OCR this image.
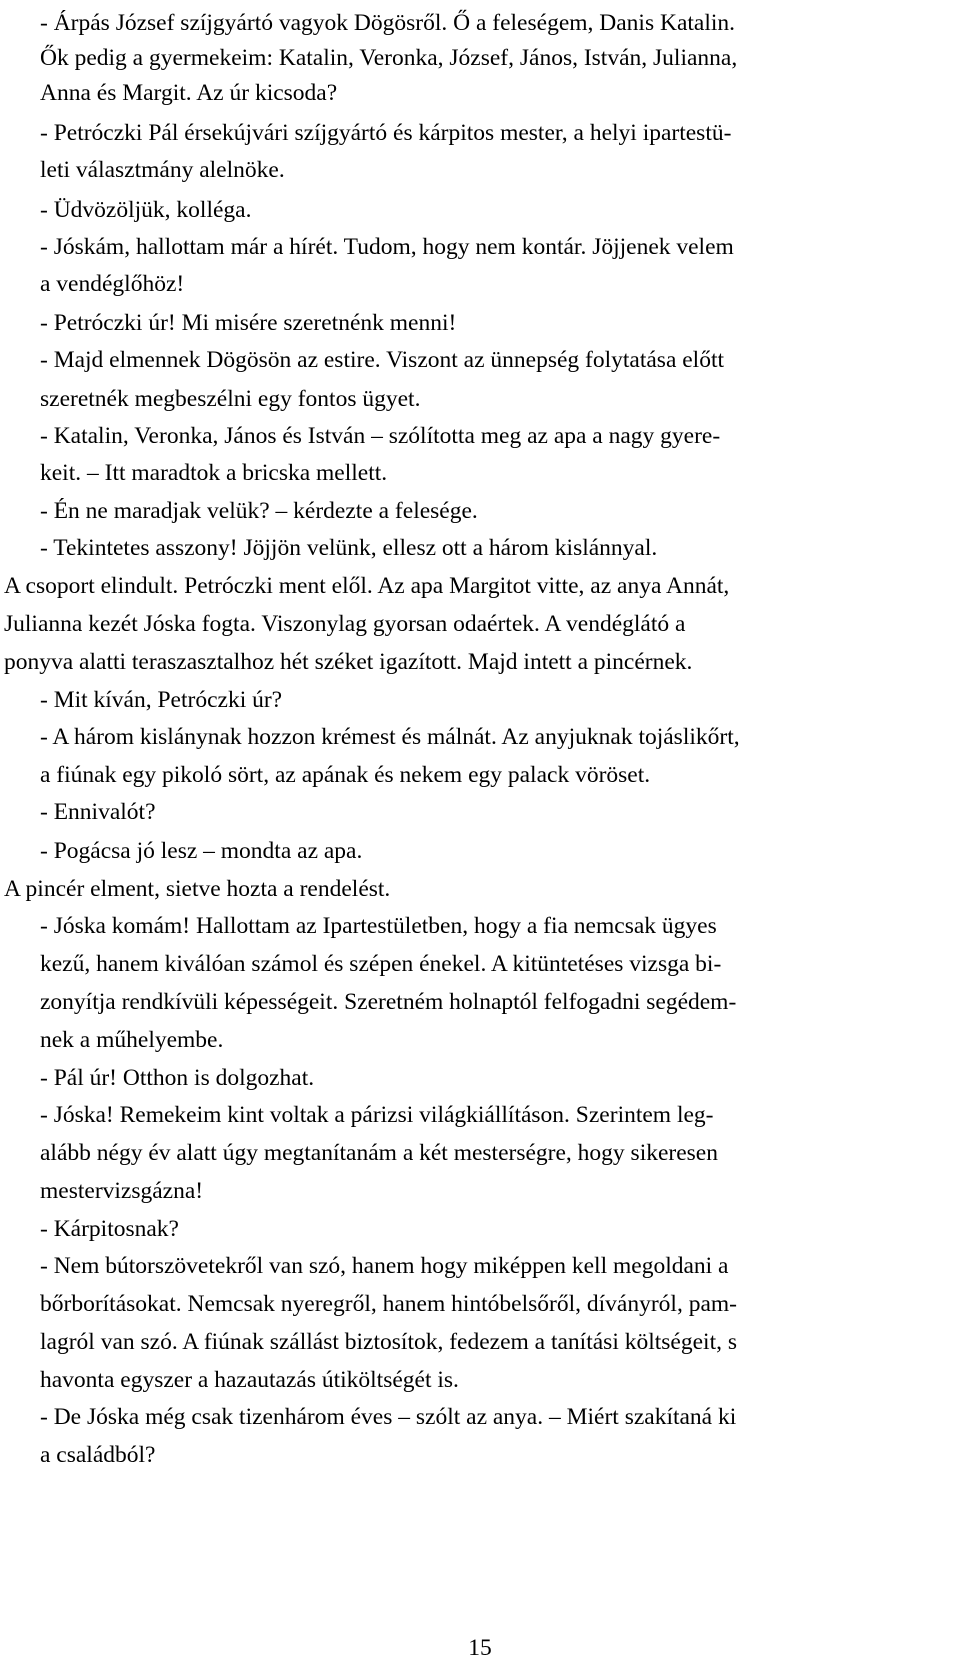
- Árpás József szíjgyártó vagyok Dögösről. Ő a feleségem, Danis Katalin.
Ők pedig a gyermekeim: Katalin, Veronka, József, János, István, Julianna,
Anna és Margit. Az úr kicsoda?
- Petróczki Pál érsekújvári szíjgyártó és kárpitos mester, a helyi ipartestü-
leti választmány alelnöke.
- Üdvözöljük, kolléga.
- Jóskám, hallottam már a hírét. Tudom, hogy nem kontár. Jöjjenek velem
a vendéglőhöz!
- Petróczki úr! Mi misére szeretnénk menni!
- Majd elmennek Dögösön az estire. Viszont az ünnepség folytatása előtt
szeretnék megbeszélni egy fontos ügyet.
- Katalin, Veronka, János és István – szólította meg az apa a nagy gyere-
keit. – Itt maradtok a bricska mellett.
- Én ne maradjak velük? – kérdezte a felesége.
- Tekintetes asszony! Jöjjön velünk, ellesz ott a három kislánnyal.
A csoport elindult. Petróczki ment elől. Az apa Margitot vitte, az anya Annát,
Julianna kezét Jóska fogta. Viszonylag gyorsan odaértek. A vendéglátó a
ponyva alatti teraszasztalhoz hét széket igazított. Majd intett a pincérnek.
- Mit kíván, Petróczki úr?
- A három kislánynak hozzon krémest és málnát. Az anyjuknak tojáslikőrt,
a fiúnak egy pikoló sört, az apának és nekem egy palack vöröset.
- Ennivalót?
- Pogácsa jó lesz – mondta az apa.
A pincér elment, sietve hozta a rendelést.
- Jóska komám! Hallottam az Ipartestületben, hogy a fia nemcsak ügyes
kezű, hanem kiválóan számol és szépen énekel. A kitüntetéses vizsga bi-
zonyítja rendkívüli képességeit. Szeretném holnaptól felfogadni segédem-
nek a műhelyembe.
- Pál úr! Otthon is dolgozhat.
- Jóska! Remekeim kint voltak a párizsi világkiállításon. Szerintem leg-
alább négy év alatt úgy megtanítanám a két mesterségre, hogy sikeresen
mestervizsgázna!
- Kárpitosnak?
- Nem bútorszövetekről van szó, hanem hogy miképpen kell megoldani a
bőrborításokat. Nemcsak nyeregről, hanem hintóbelsőről, díványról, pam-
lagról van szó. A fiúnak szállást biztosítok, fedezem a tanítási költségeit, s
havonta egyszer a hazautazás útiköltségét is.
- De Jóska még csak tizenhárom éves – szólt az anya. – Miért szakítaná ki
a családból?
15
